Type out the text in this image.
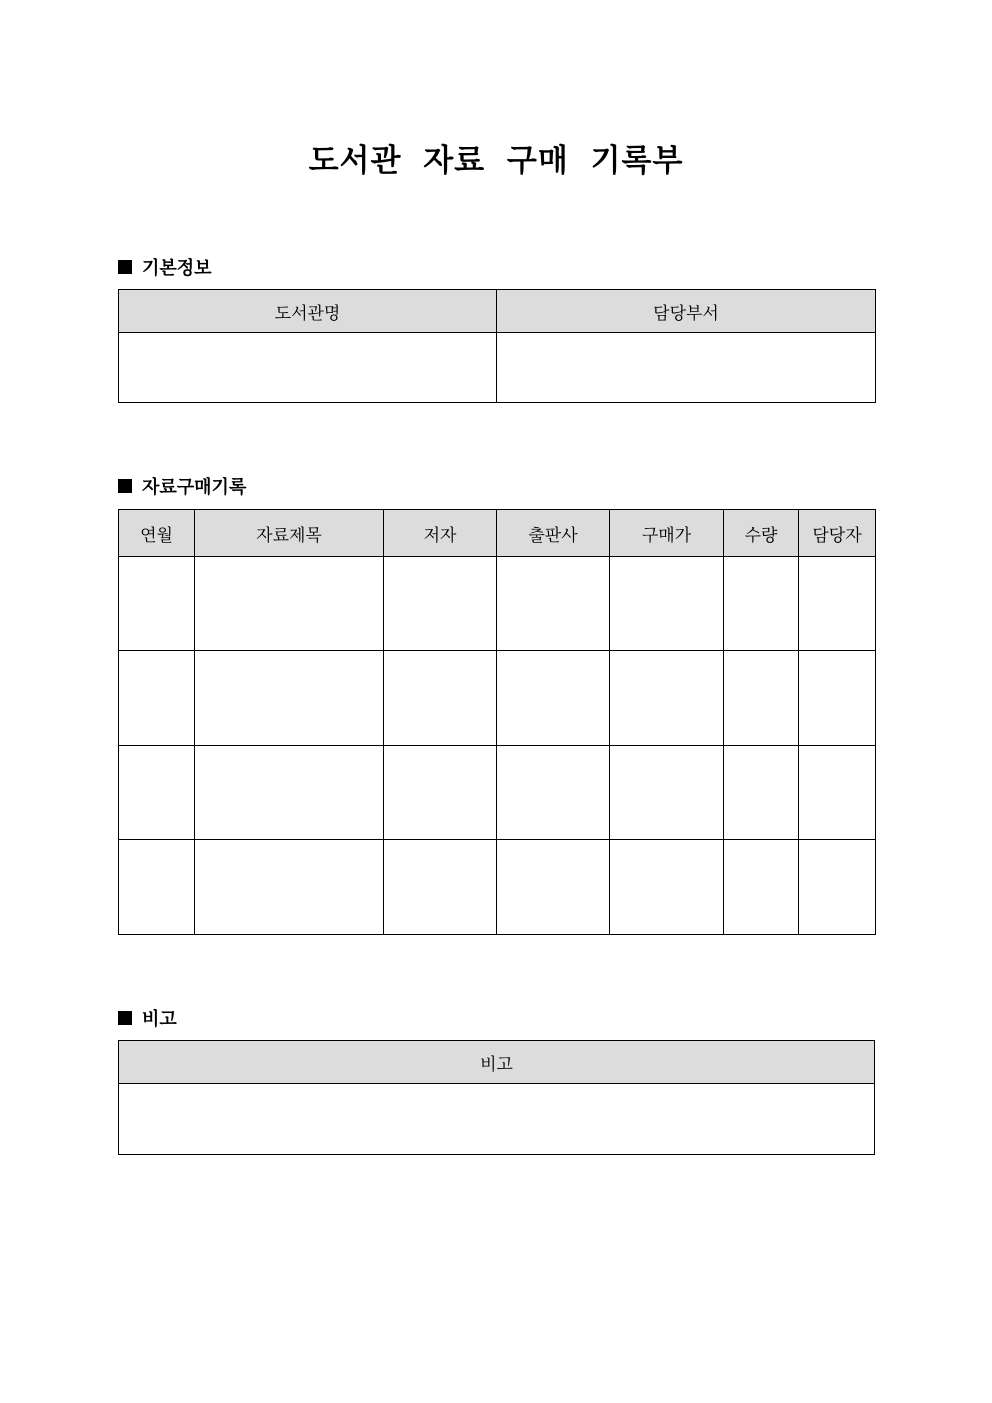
도서관 자료 구매 기록부
기본정보
도서관명	담당부서

자료구매기록
연월	자료제목	저자	출판사	구매가	수량	담당자

비고
비고
